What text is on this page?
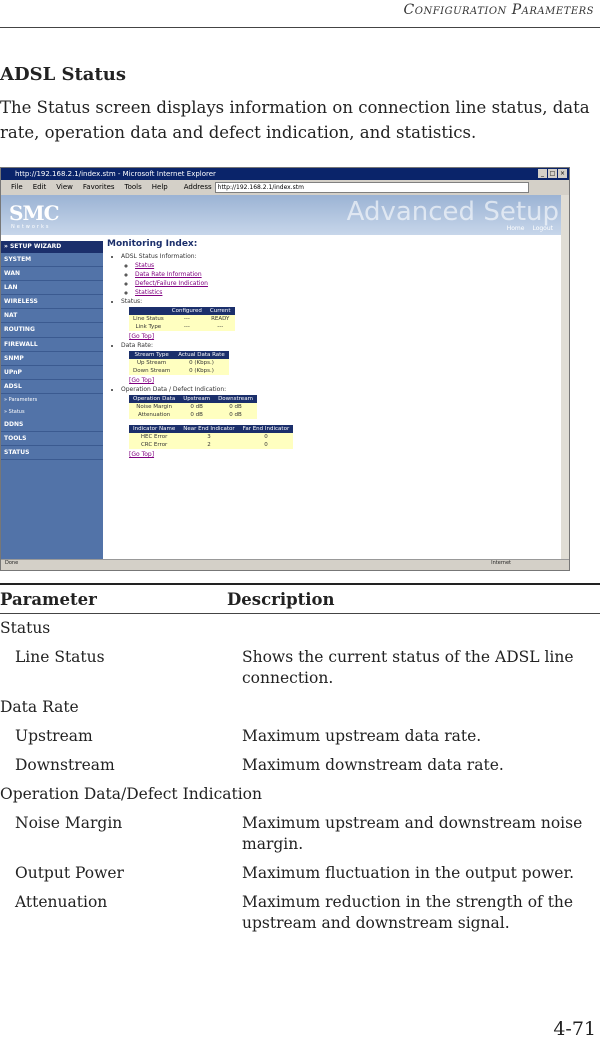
Configuration Parameters
ADSL Status

The Status screen displays information on connection line status, data rate, operation data and defect indication, and statistics.

http://192.168.2.1/index.stm - Microsoft Internet Explorer	_ □ ×
File Edit View Favorites Tools Help Address	http://192.168.2.1/index.stm
SMC
Networks	Advanced Setup
Home Logout
» SETUP WIZARD
SYSTEM
WAN
LAN
WIRELESS
NAT
ROUTING
FIREWALL
SNMP
UPnP
ADSL
» Parameters
» Status
DDNS
TOOLS
STATUS
Monitoring Index:
• ADSL Status Information:
◦ Status
◦ Data Rate Information
◦ Defect/Failure Indication
◦ Statistics
• Status:
	Configured	Current
Line Status	---	READY
Link Type	---	---
[Go Top]
• Data Rate:
Stream Type	Actual Data Rate
Up Stream	0 (Kbps.)
Down Stream	0 (Kbps.)
[Go Top]
• Operation Data / Defect Indication:
Operation Data	Upstream	Downstream
Noise Margin	0 dB	0 dB
Attenuation	0 dB	0 dB
Indicator Name	Near End Indicator	Far End Indicator
HEC Error	3	0
CRC Error	2	0
[Go Top]
Done	Internet
Parameter	Description
Status
Line Status	Shows the current status of the ADSL line connection.
Data Rate
Upstream	Maximum upstream data rate.
Downstream	Maximum downstream data rate.
Operation Data/Defect Indication
Noise Margin	Maximum upstream and downstream noise margin.
Output Power	Maximum fluctuation in the output power.
Attenuation	Maximum reduction in the strength of the upstream and downstream signal.
4-71
